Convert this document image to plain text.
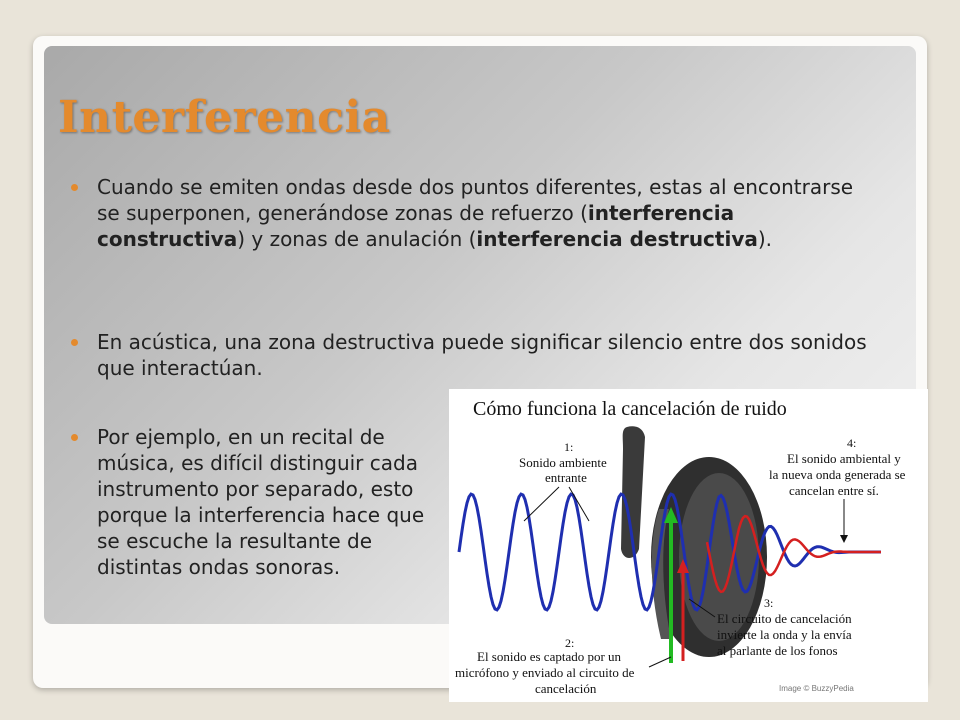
Interferencia
Cuando se emiten ondas desde dos puntos diferentes, estas al encontrarse se superponen, generándose zonas de refuerzo (interferencia constructiva) y zonas de anulación (interferencia destructiva).
En acústica, una zona destructiva puede significar silencio entre dos sonidos que interactúan.
Por ejemplo, en un recital de música, es difícil distinguir cada instrumento por separado, esto porque la interferencia hace que se escuche la resultante de distintas ondas sonoras.
Cómo funciona la cancelación de ruido
1:
Sonido ambiente
entrante
4:
El sonido ambiental y
la nueva onda generada se
cancelan entre sí.
3:
El circuito de cancelación
invierte la onda y la envía
al parlante de los fonos
2:
El sonido es captado por un
micrófono y enviado al circuito de
cancelación	Image © BuzzyPedia
